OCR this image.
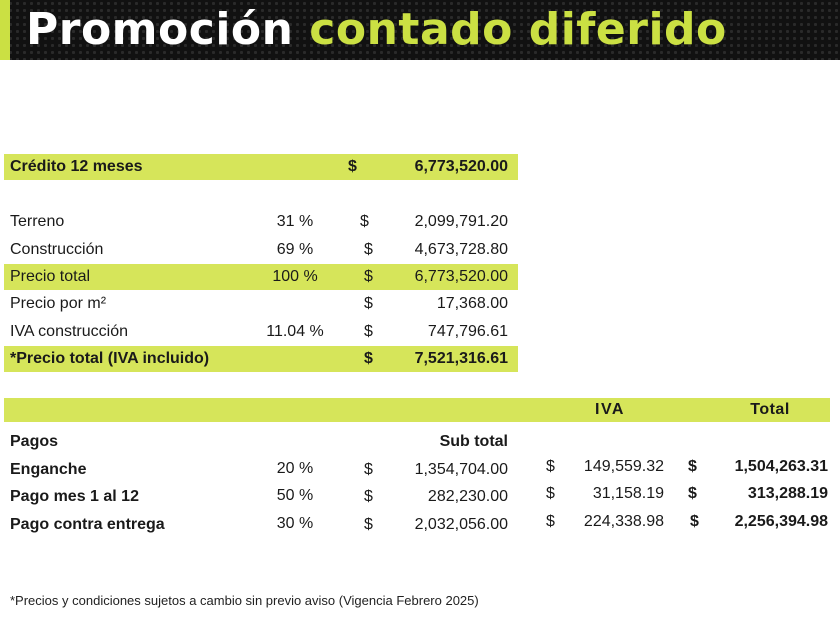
Promoción contado diferido
Crédito 12 meses	$	6,773,520.00
Terreno	31 %	$	2,099,791.20
Construcción	69 %	$	4,673,728.80
Precio total	100 %	$	6,773,520.00
Precio por m²	$	17,368.00
IVA construcción	11.04 %	$	747,796.61
*Precio total (IVA incluido)	$	7,521,316.61
IVA	Total
Pagos	Sub total
Enganche	20 %	$	1,354,704.00 $	149,559.32 $	1,504,263.31
Pago mes 1 al 12	50 %	$	282,230.00 $	31,158.19 $	313,288.19
Pago contra entrega	30 %	$	2,032,056.00 $	224,338.98 $	2,256,394.98
*Precios y condiciones sujetos a cambio sin previo aviso (Vigencia Febrero 2025)
